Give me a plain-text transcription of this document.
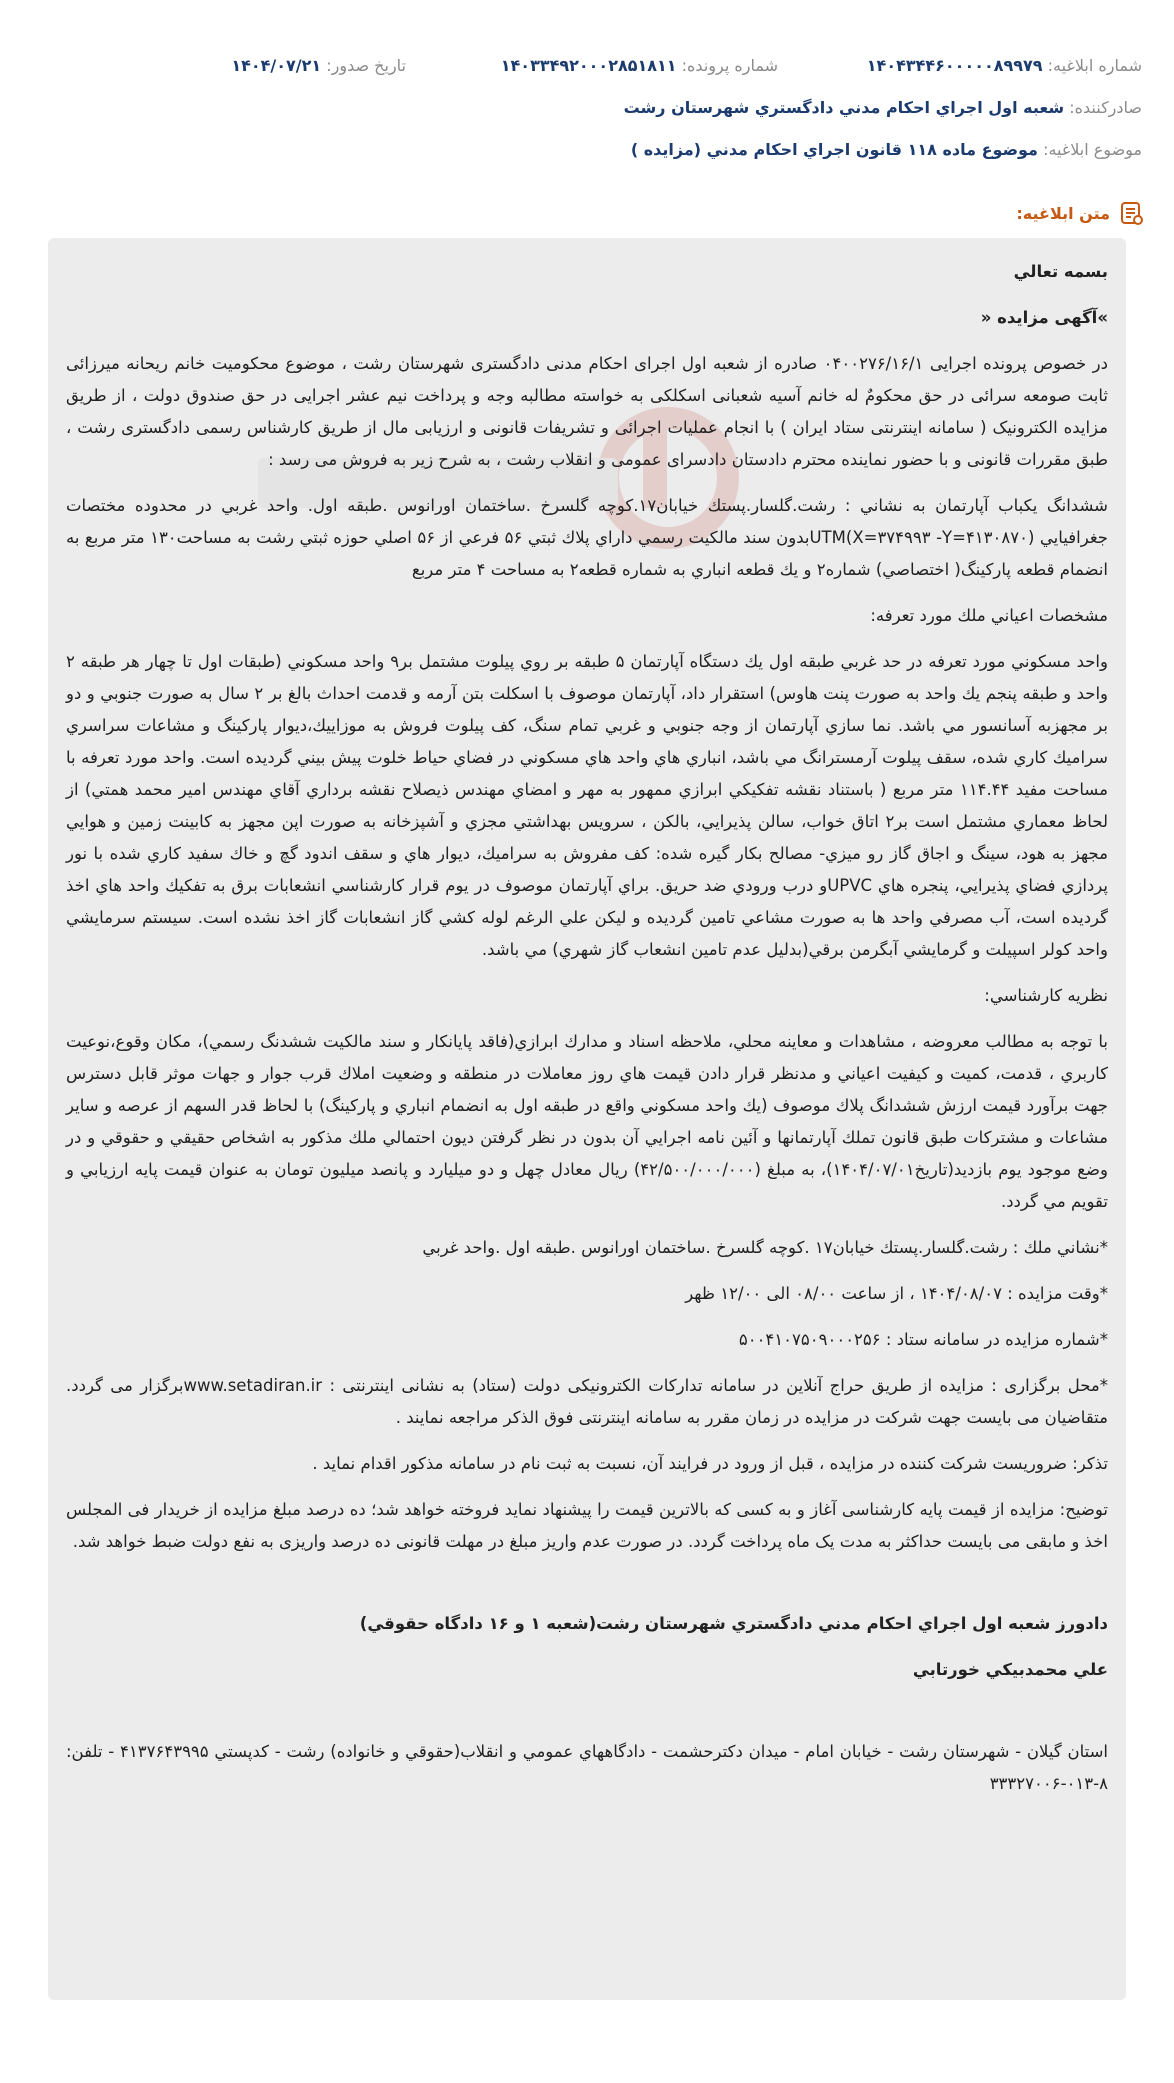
شماره ابلاغيه: ۱۴۰۴۳۴۴۶۰۰۰۰۰۸۹۹۷۹
شماره پرونده: ۱۴۰۳۳۴۹۲۰۰۰۲۸۵۱۸۱۱
تاريخ صدور: ۱۴۰۴/۰۷/۲۱
صادرکننده: شعبه اول اجراي احكام مدني دادگستري شهرستان رشت
موضوع ابلاغيه: موضوع ماده ۱۱۸ قانون اجراي احكام مدني (مزايده )
متن ابلاغيه:

بسمه تعالي

»آگهی مزايده «

در خصوص پرونده اجرايی ۰۴۰۰۲۷۶/۱۶/۱ صادره از شعبه اول اجرای احکام مدنی دادگستری شهرستان رشت ، موضوع محکومیت خانم ریحانه میرزائی ثابت صومعه سرائی در حق محکومٌ له خانم آسیه شعبانی اسکلکی به خواسته مطالبه وجه و پرداخت نیم عشر اجرایی در حق صندوق دولت ، از طریق مزایده الکترونیک ( سامانه اینترنتی ستاد ایران ) با انجام عملیات اجرائی و تشریفات قانونی و ارزیابی مال از طریق کارشناس رسمی دادگستری رشت ، طبق مقررات قانونی و با حضور نماینده محترم دادستان دادسرای عمومی و انقلاب رشت ، به شرح زیر به فروش می رسد :

ششدانگ يكباب آپارتمان به نشاني : رشت.گلسار.پستك خيابان۱۷.كوچه گلسرخ .ساختمان اورانوس .طبقه اول. واحد غربي در محدوده مختصات جغرافيايي (X=۳۷۴۹۹۳ -Y=۴۱۳۰۸۷۰)UTMبدون سند مالكيت رسمي داراي پلاك ثبتي ۵۶ فرعي از ۵۶ اصلي حوزه ثبتي رشت به مساحت۱۳۰ متر مربع به انضمام قطعه پاركينگ( اختصاصي) شماره۲ و يك قطعه انباري به شماره قطعه۲ به مساحت ۴ متر مربع

مشخصات اعياني ملك مورد تعرفه:

واحد مسكوني مورد تعرفه در حد غربي طبقه اول يك دستگاه آپارتمان ۵ طبقه بر روي پيلوت مشتمل بر۹ واحد مسكوني (طبقات اول تا چهار هر طبقه ۲ واحد و طبقه پنجم يك واحد به صورت پنت هاوس) استقرار داد، آپارتمان موصوف با اسكلت بتن آرمه و قدمت احداث بالغ بر ۲ سال به صورت جنوبي و دو بر مجهزبه آسانسور مي باشد. نما سازي آپارتمان از وجه جنوبي و غربي تمام سنگ، كف پيلوت فروش به موزاييك،ديوار پاركينگ و مشاعات سراسري سراميك كاري شده، سقف پيلوت آرمسترانگ مي باشد، انباري هاي واحد هاي مسكوني در فضاي حياط خلوت پيش بيني گرديده است. واحد مورد تعرفه با مساحت مفيد ۱۱۴.۴۴ متر مربع ( باستناد نقشه تفكيكي ابرازي ممهور به مهر و امضاي مهندس ذيصلاح نقشه برداري آقاي مهندس امير محمد همتي) از لحاظ معماري مشتمل است بر۲ اتاق خواب، سالن پذيرايي، بالكن ، سرويس بهداشتي مجزي و آشپزخانه به صورت اپن مجهز به كابينت زمين و هوايي مجهز به هود، سينگ و اجاق گاز رو ميزي- مصالح بكار گيره شده: كف مفروش به سراميك، ديوار هاي و سقف اندود گچ و خاك سفيد كاري شده با نور پردازي فضاي پذيرايي، پنجره هاي UPVCو درب ورودي ضد حريق. براي آپارتمان موصوف در يوم قرار كارشناسي انشعابات برق به تفكيك واحد هاي اخذ گرديده است، آب مصرفي واحد ها به صورت مشاعي تامين گرديده و ليكن علي الرغم لوله كشي گاز انشعابات گاز اخذ نشده است. سيستم سرمايشي واحد كولر اسپيلت و گرمايشي آبگرمن برقي(بدليل عدم تامين انشعاب گاز شهري) مي باشد.

نظريه كارشناسي:

با توجه به مطالب معروضه ، مشاهدات و معاينه محلي، ملاحظه اسناد و مدارك ابرازي(فاقد پايانكار و سند مالكيت ششدنگ رسمي)، مكان وقوع،نوعيت كاربري ، قدمت، كميت و كيفيت اعياني و مدنظر قرار دادن قيمت هاي روز معاملات در منطقه و وضعيت املاك قرب جوار و جهات موثر قابل دسترس جهت برآورد قيمت ارزش ششدانگ پلاك موصوف (يك واحد مسكوني واقع در طبقه اول به انضمام انباري و پاركينگ) با لحاظ قدر السهم از عرصه و ساير مشاعات و مشتركات طبق قانون تملك آپارتمانها و آئين نامه اجرايي آن بدون در نظر گرفتن ديون احتمالي ملك مذكور به اشخاص حقيقي و حقوقي و در وضع موجود يوم بازديد(تاريخ۱۴۰۴/۰۷/۰۱)، به مبلغ (۴۲/۵۰۰/۰۰۰/۰۰۰) ريال معادل چهل و دو ميليارد و پانصد ميليون تومان به عنوان قيمت پايه ارزيابي و تقويم مي گردد.

*نشاني ملك : رشت.گلسار.پستك خيابان۱۷ .كوچه گلسرخ .ساختمان اورانوس .طبقه اول .واحد غربي

*وقت مزايده : ۱۴۰۴/۰۸/۰۷ ، از ساعت ۰۸/۰۰ الی ۱۲/۰۰ ظهر

*شماره مزايده در سامانه ستاد : ۵۰۰۴۱۰۷۵۰۹۰۰۰۲۵۶

*محل برگزاری : مزايده از طريق حراج آنلاين در سامانه تداركات الكترونيكی دولت (ستاد) به نشانی اينترنتی : www.setadiran.irبرگزار می گردد. متقاضيان می بايست جهت شركت در مزايده در زمان مقرر به سامانه اينترنتی فوق الذكر مراجعه نمايند .

تذکر: ضروريست شرکت کننده در مزايده ، قبل از ورود در فرايند آن، نسبت به ثبت نام در سامانه مذکور اقدام نمايد .

توضیح: مزايده از قيمت پايه کارشناسی آغاز و به کسی که بالاترين قيمت را پيشنهاد نمايد فروخته خواهد شد؛ ده درصد مبلغ مزايده از خريدار فی المجلس اخذ و مابقی می بايست حداکثر به مدت يک ماه پرداخت گردد. در صورت عدم واريز مبلغ در مهلت قانونی ده درصد واريزی به نفع دولت ضبط خواهد شد.

دادورز شعبه اول اجراي احكام مدني دادگستري شهرستان رشت(شعبه ۱ و ۱۶ دادگاه حقوقي)

علي محمدبيكي خورتابي

استان گيلان - شهرستان رشت - خيابان امام - ميدان دكترحشمت - دادگاههاي عمومي و انقلاب(حقوقي و خانواده) رشت - كدپستي ۴۱۳۷۶۴۳۹۹۵ - تلفن: ۸-۰۱۳-۳۳۳۲۷۰۰۶
